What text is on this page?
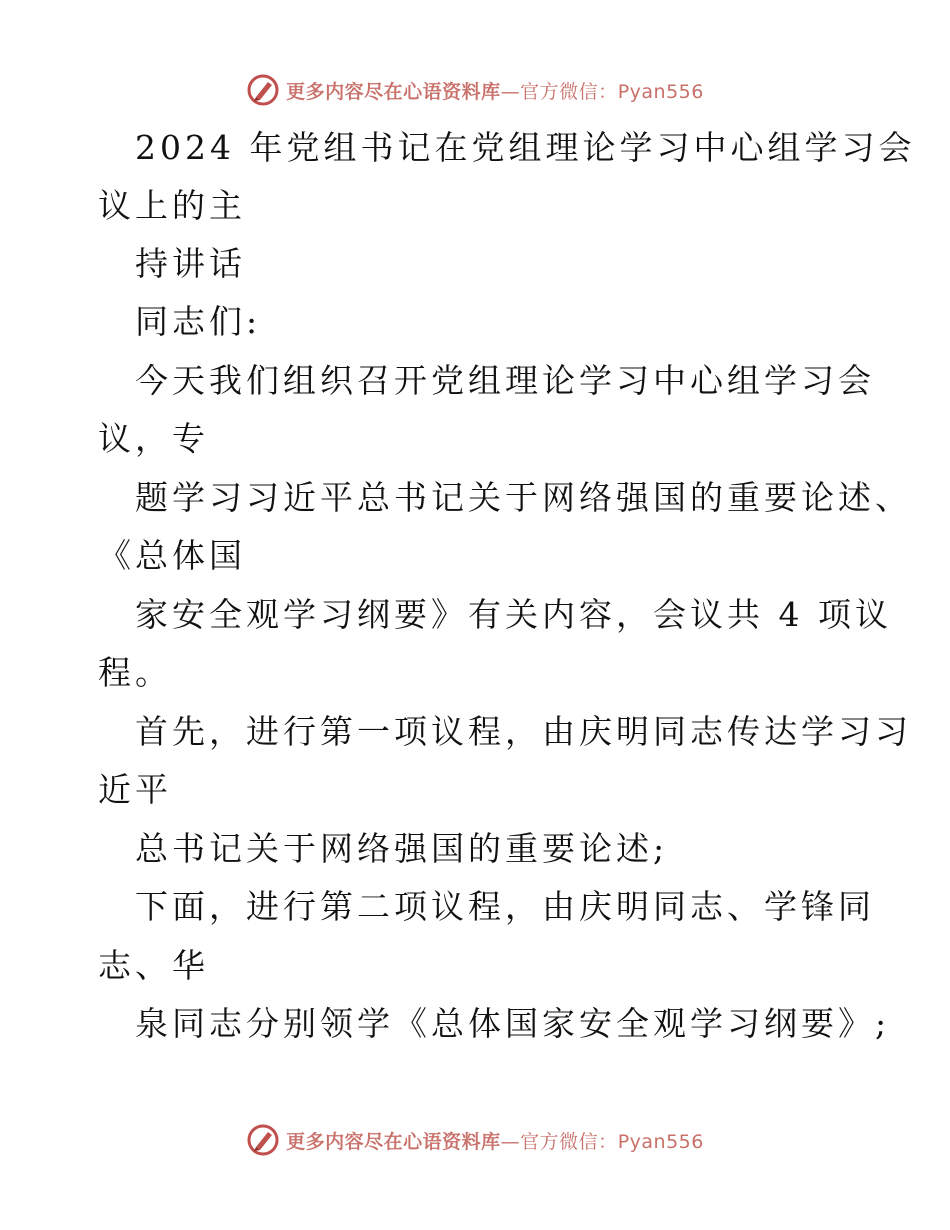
更多内容尽在心语资料库—官方微信：Pyan556
2024 年党组书记在党组理论学习中心组学习会
议上的主
持讲话
同志们:
今天我们组织召开党组理论学习中心组学习会
议，专
题学习习近平总书记关于网络强国的重要论述、
《总体国
家安全观学习纲要》有关内容，会议共 4 项议
程。
首先，进行第一项议程，由庆明同志传达学习习
近平
总书记关于网络强国的重要论述;
下面，进行第二项议程，由庆明同志、学锋同
志、华
泉同志分别领学《总体国家安全观学习纲要》;
更多内容尽在心语资料库—官方微信：Pyan556
